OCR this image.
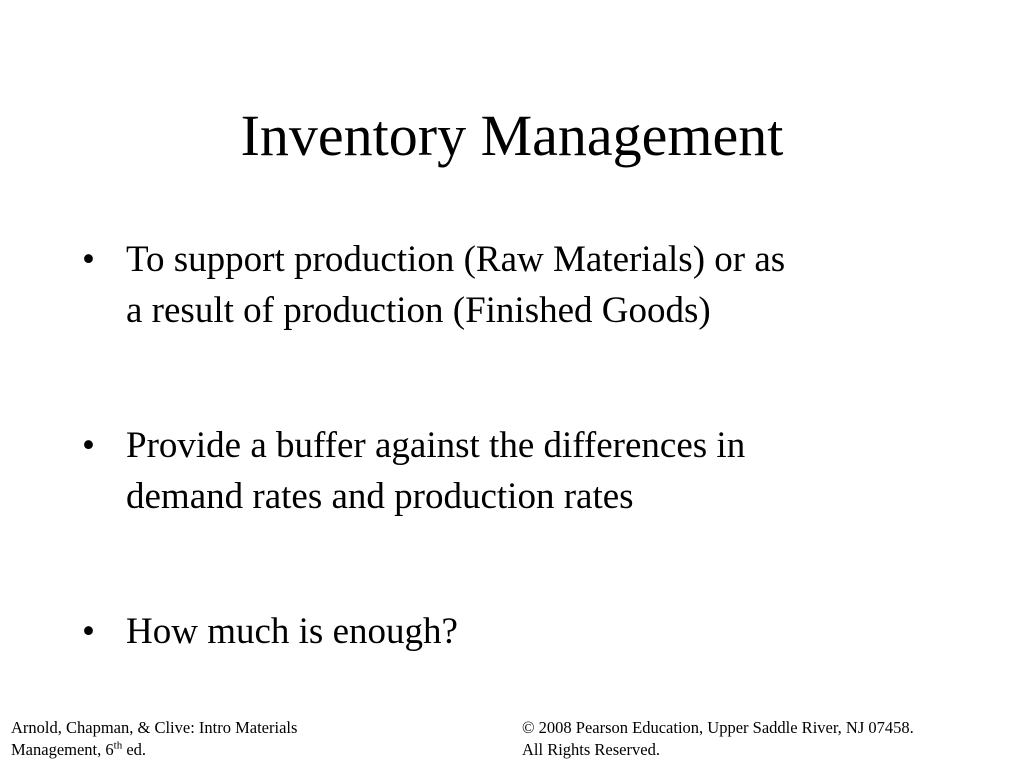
Inventory Management
• To support production (Raw Materials) or as
a result of production (Finished Goods)
• Provide a buffer against the differences in
demand rates and production rates
• How much is enough?
Arnold, Chapman, & Clive: Intro Materials
Management, 6th ed.
© 2008 Pearson Education, Upper Saddle River, NJ 07458.
All Rights Reserved.
